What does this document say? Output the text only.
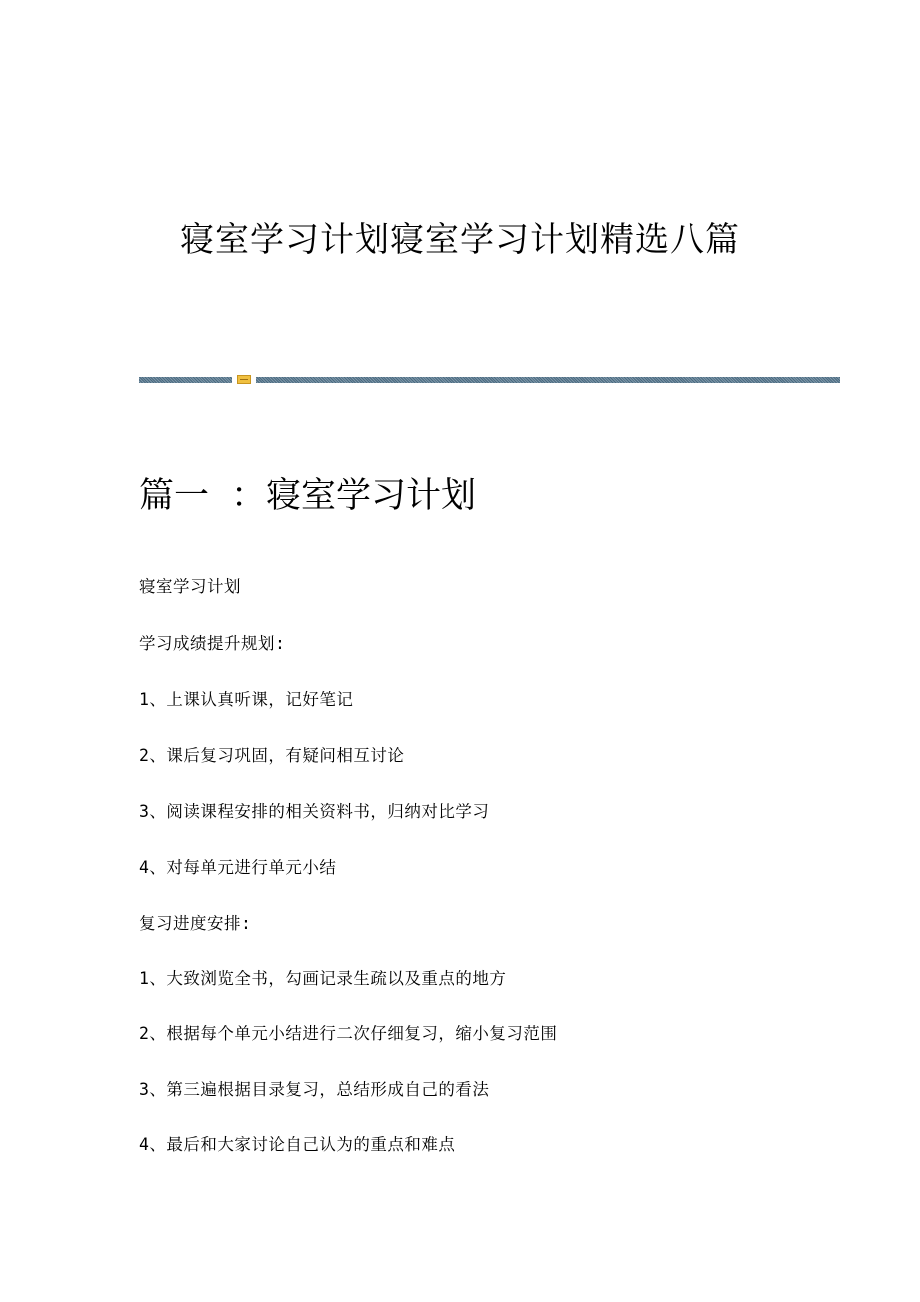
寝室学习计划寝室学习计划精选八篇
篇一 ：寝室学习计划
寝室学习计划
学习成绩提升规划:
1、上课认真听课，记好笔记
2、课后复习巩固，有疑问相互讨论
3、阅读课程安排的相关资料书，归纳对比学习
4、对每单元进行单元小结
复习进度安排:
1、大致浏览全书，勾画记录生疏以及重点的地方
2、根据每个单元小结进行二次仔细复习，缩小复习范围
3、第三遍根据目录复习，总结形成自己的看法
4、最后和大家讨论自己认为的重点和难点
